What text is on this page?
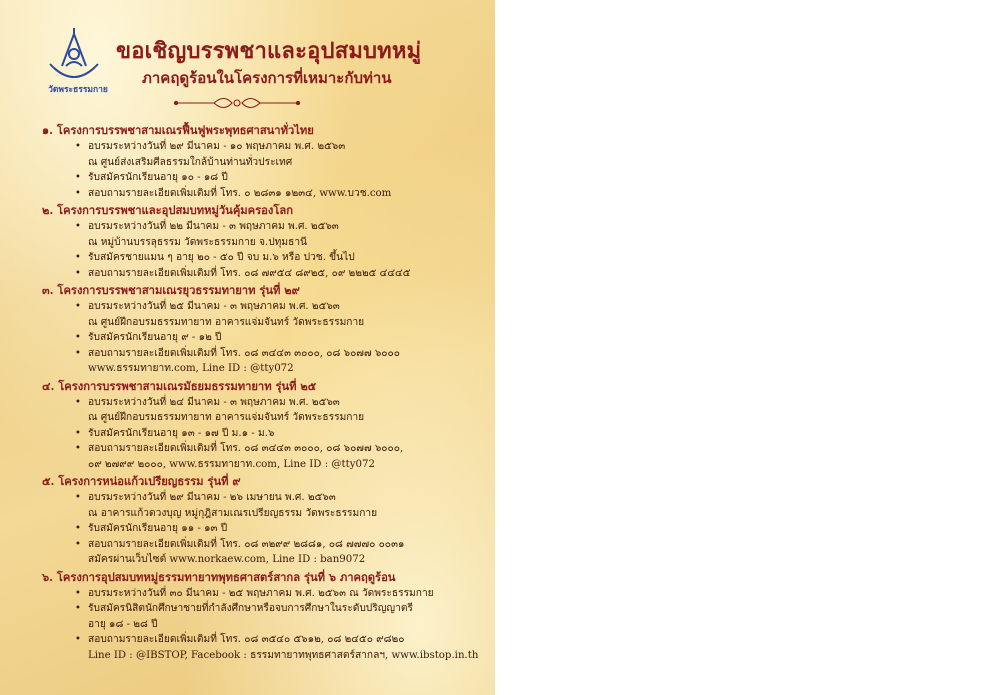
วัดพระธรรมกาย
ขอเชิญบรรพชาและอุปสมบทหมู่
ภาคฤดูร้อนในโครงการที่เหมาะกับท่าน
๑. โครงการบรรพชาสามเณรฟื้นฟูพระพุทธศาสนาทั่วไทย
• อบรมระหว่างวันที่ ๒๙ มีนาคม - ๑๐ พฤษภาคม พ.ศ. ๒๕๖๓
ณ ศูนย์ส่งเสริมศีลธรรมใกล้บ้านท่านทั่วประเทศ
• รับสมัครนักเรียนอายุ ๑๐ - ๑๘ ปี
• สอบถามรายละเอียดเพิ่มเติมที่ โทร. ๐ ๒๘๓๑ ๑๒๓๔, www.บวช.com
๒. โครงการบรรพชาและอุปสมบทหมู่วันคุ้มครองโลก
• อบรมระหว่างวันที่ ๒๒ มีนาคม - ๓ พฤษภาคม พ.ศ. ๒๕๖๓
ณ หมู่บ้านบรรลุธรรม วัดพระธรรมกาย จ.ปทุมธานี
• รับสมัครชายแมน ๆ อายุ ๒๐ - ๕๐ ปี จบ ม.๖ หรือ ปวช. ขึ้นไป
• สอบถามรายละเอียดเพิ่มเติมที่ โทร. ๐๘ ๗๙๕๔ ๘๙๒๕, ๐๙ ๒๒๒๕ ๔๔๔๕
๓. โครงการบรรพชาสามเณรยุวธรรมทายาท รุ่นที่ ๒๙
• อบรมระหว่างวันที่ ๒๕ มีนาคม - ๓ พฤษภาคม พ.ศ. ๒๕๖๓
ณ ศูนย์ฝึกอบรมธรรมทายาท อาคารแจ่มจันทร์ วัดพระธรรมกาย
• รับสมัครนักเรียนอายุ ๙ - ๑๒ ปี
• สอบถามรายละเอียดเพิ่มเติมที่ โทร. ๐๘ ๓๔๔๓ ๓๐๐๐, ๐๘ ๖๐๗๗ ๖๐๐๐
www.ธรรมทายาท.com, Line ID : @tty072
๔. โครงการบรรพชาสามเณรมัธยมธรรมทายาท รุ่นที่ ๒๕
• อบรมระหว่างวันที่ ๒๔ มีนาคม - ๓ พฤษภาคม พ.ศ. ๒๕๖๓
ณ ศูนย์ฝึกอบรมธรรมทายาท อาคารแจ่มจันทร์ วัดพระธรรมกาย
• รับสมัครนักเรียนอายุ ๑๓ - ๑๗ ปี ม.๑ - ม.๖
• สอบถามรายละเอียดเพิ่มเติมที่ โทร. ๐๘ ๓๔๔๓ ๓๐๐๐, ๐๘ ๖๐๗๗ ๖๐๐๐,
๐๙ ๒๗๙๙ ๒๐๐๐, www.ธรรมทายาท.com, Line ID : @tty072
๕. โครงการหน่อแก้วเปรียญธรรม รุ่นที่ ๙
• อบรมระหว่างวันที่ ๒๙ มีนาคม - ๒๖ เมษายน พ.ศ. ๒๕๖๓
ณ อาคารแก้วดวงบุญ หมู่กุฎิสามเณรเปรียญธรรม วัดพระธรรมกาย
• รับสมัครนักเรียนอายุ ๑๑ - ๑๓ ปี
• สอบถามรายละเอียดเพิ่มเติมที่ โทร. ๐๘ ๓๒๙๙ ๒๘๘๑, ๐๘ ๗๗๗๐ ๐๐๓๑
สมัครผ่านเว็บไซต์ www.norkaew.com, Line ID : ban9072
๖. โครงการอุปสมบทหมู่ธรรมทายาทพุทธศาสตร์สากล รุ่นที่ ๖ ภาคฤดูร้อน
• อบรมระหว่างวันที่ ๓๐ มีนาคม - ๒๕ พฤษภาคม พ.ศ. ๒๕๖๓ ณ วัดพระธรรมกาย
• รับสมัครนิสิตนักศึกษาชายที่กำลังศึกษาหรือจบการศึกษาในระดับปริญญาตรี
อายุ ๑๘ - ๒๘ ปี
• สอบถามรายละเอียดเพิ่มเติมที่ โทร. ๐๘ ๓๕๔๐ ๕๖๑๒, ๐๘ ๒๔๕๐ ๙๘๒๐
Line ID : @IBSTOP, Facebook : ธรรมทายาทพุทธศาสตร์สากลฯ, www.ibstop.in.th
